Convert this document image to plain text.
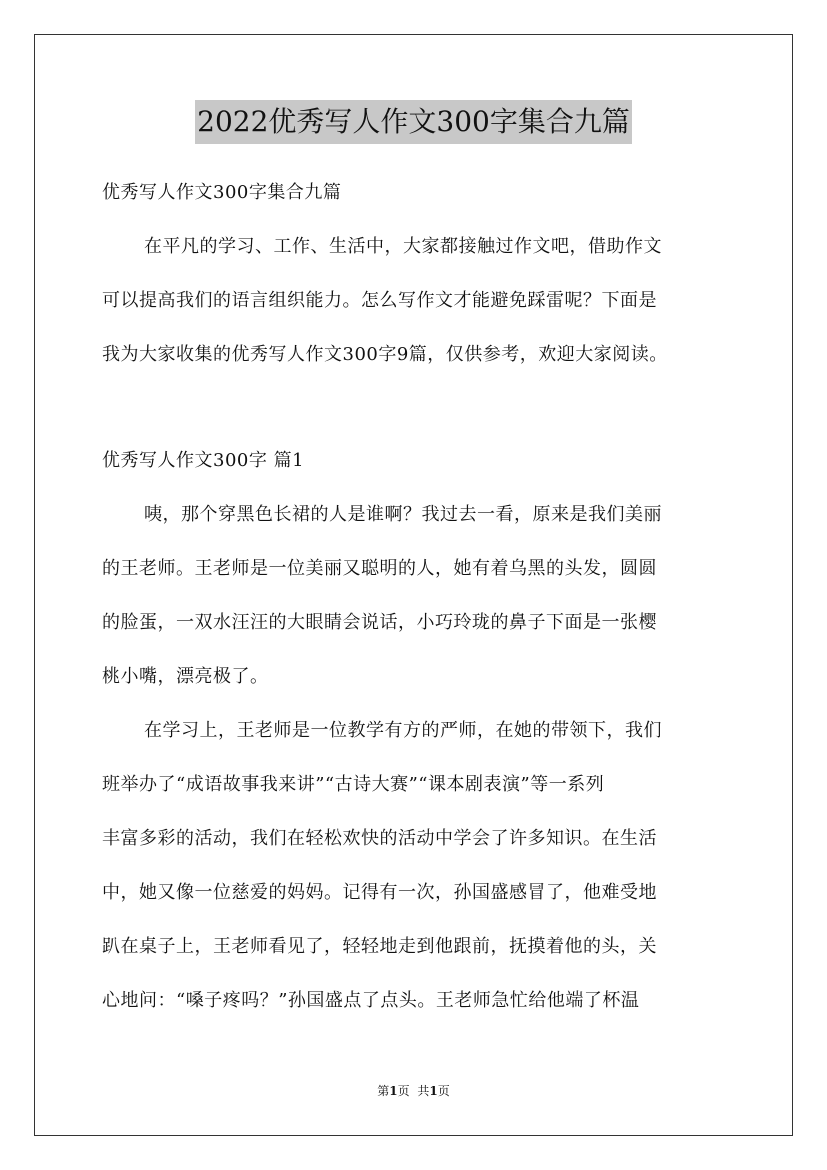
2022优秀写人作文300字集合九篇
优秀写人作文300字集合九篇
在平凡的学习、工作、生活中，大家都接触过作文吧，借助作文
可以提高我们的语言组织能力。怎么写作文才能避免踩雷呢？下面是
我为大家收集的优秀写人作文300字9篇，仅供参考，欢迎大家阅读。
优秀写人作文300字 篇1
咦，那个穿黑色长裙的人是谁啊？我过去一看，原来是我们美丽
的王老师。王老师是一位美丽又聪明的人，她有着乌黑的头发，圆圆
的脸蛋，一双水汪汪的大眼睛会说话，小巧玲珑的鼻子下面是一张樱
桃小嘴，漂亮极了。
在学习上，王老师是一位教学有方的严师，在她的带领下，我们
班举办了“成语故事我来讲”“古诗大赛”“课本剧表演”等一系列
丰富多彩的活动，我们在轻松欢快的活动中学会了许多知识。在生活
中，她又像一位慈爱的妈妈。记得有一次，孙国盛感冒了，他难受地
趴在桌子上，王老师看见了，轻轻地走到他跟前，抚摸着他的头，关
心地问：“嗓子疼吗？”孙国盛点了点头。王老师急忙给他端了杯温
第1页 共1页
